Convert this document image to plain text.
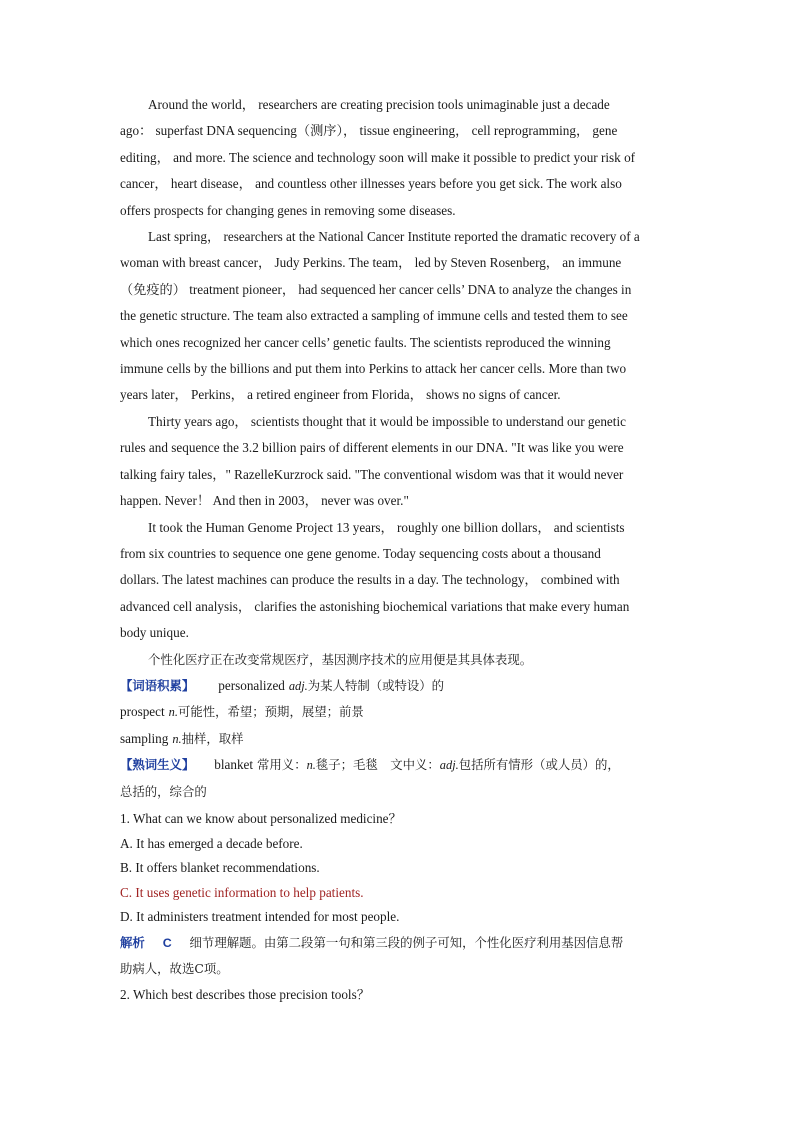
Around the world， researchers are creating precision tools unimaginable just a decade
ago： superfast DNA sequencing（测序）， tissue engineering， cell reprogramming， gene
editing， and more. The science and technology soon will make it possible to predict your risk of
cancer， heart disease， and countless other illnesses years before you get sick. The work also
offers prospects for changing genes in removing some diseases.

Last spring， researchers at the National Cancer Institute reported the dramatic recovery of a
woman with breast cancer， Judy Perkins. The team， led by Steven Rosenberg， an immune
（免疫的） treatment pioneer， had sequenced her cancer cells’ DNA to analyze the changes in
the genetic structure. The team also extracted a sampling of immune cells and tested them to see
which ones recognized her cancer cells’ genetic faults. The scientists reproduced the winning
immune cells by the billions and put them into Perkins to attack her cancer cells. More than two
years later， Perkins， a retired engineer from Florida， shows no signs of cancer.

Thirty years ago， scientists thought that it would be impossible to understand our genetic
rules and sequence the 3.2 billion pairs of different elements in our DNA. "It was like you were
talking fairy tales，" RazelleKurzrock said. "The conventional wisdom was that it would never
happen. Never！ And then in 2003， never was over."

It took the Human Genome Project 13 years， roughly one billion dollars， and scientists
from six countries to sequence one gene genome. Today sequencing costs about a thousand
dollars. The latest machines can produce the results in a day. The technology， combined with
advanced cell analysis， clarifies the astonishing biochemical variations that make every human
body unique.

个性化医疗正在改变常规医疗，基因测序技术的应用便是其具体表现。

【词语积累】 personalized adj.为某人特制（或特设）的

prospect n.可能性，希望；预期，展望；前景

sampling n.抽样，取样

【熟词生义】 blanket 常用义：n.毯子；毛毯　文中义：adj.包括所有情形（或人员）的，

总括的，综合的

1. What can we know about personalized medicine？

A. It has emerged a decade before.

B. It offers blanket recommendations.

C. It uses genetic information to help patients.

D. It administers treatment intended for most people.

解析 C 细节理解题。由第二段第一句和第三段的例子可知，个性化医疗利用基因信息帮

助病人，故选C项。

2. Which best describes those precision tools？
